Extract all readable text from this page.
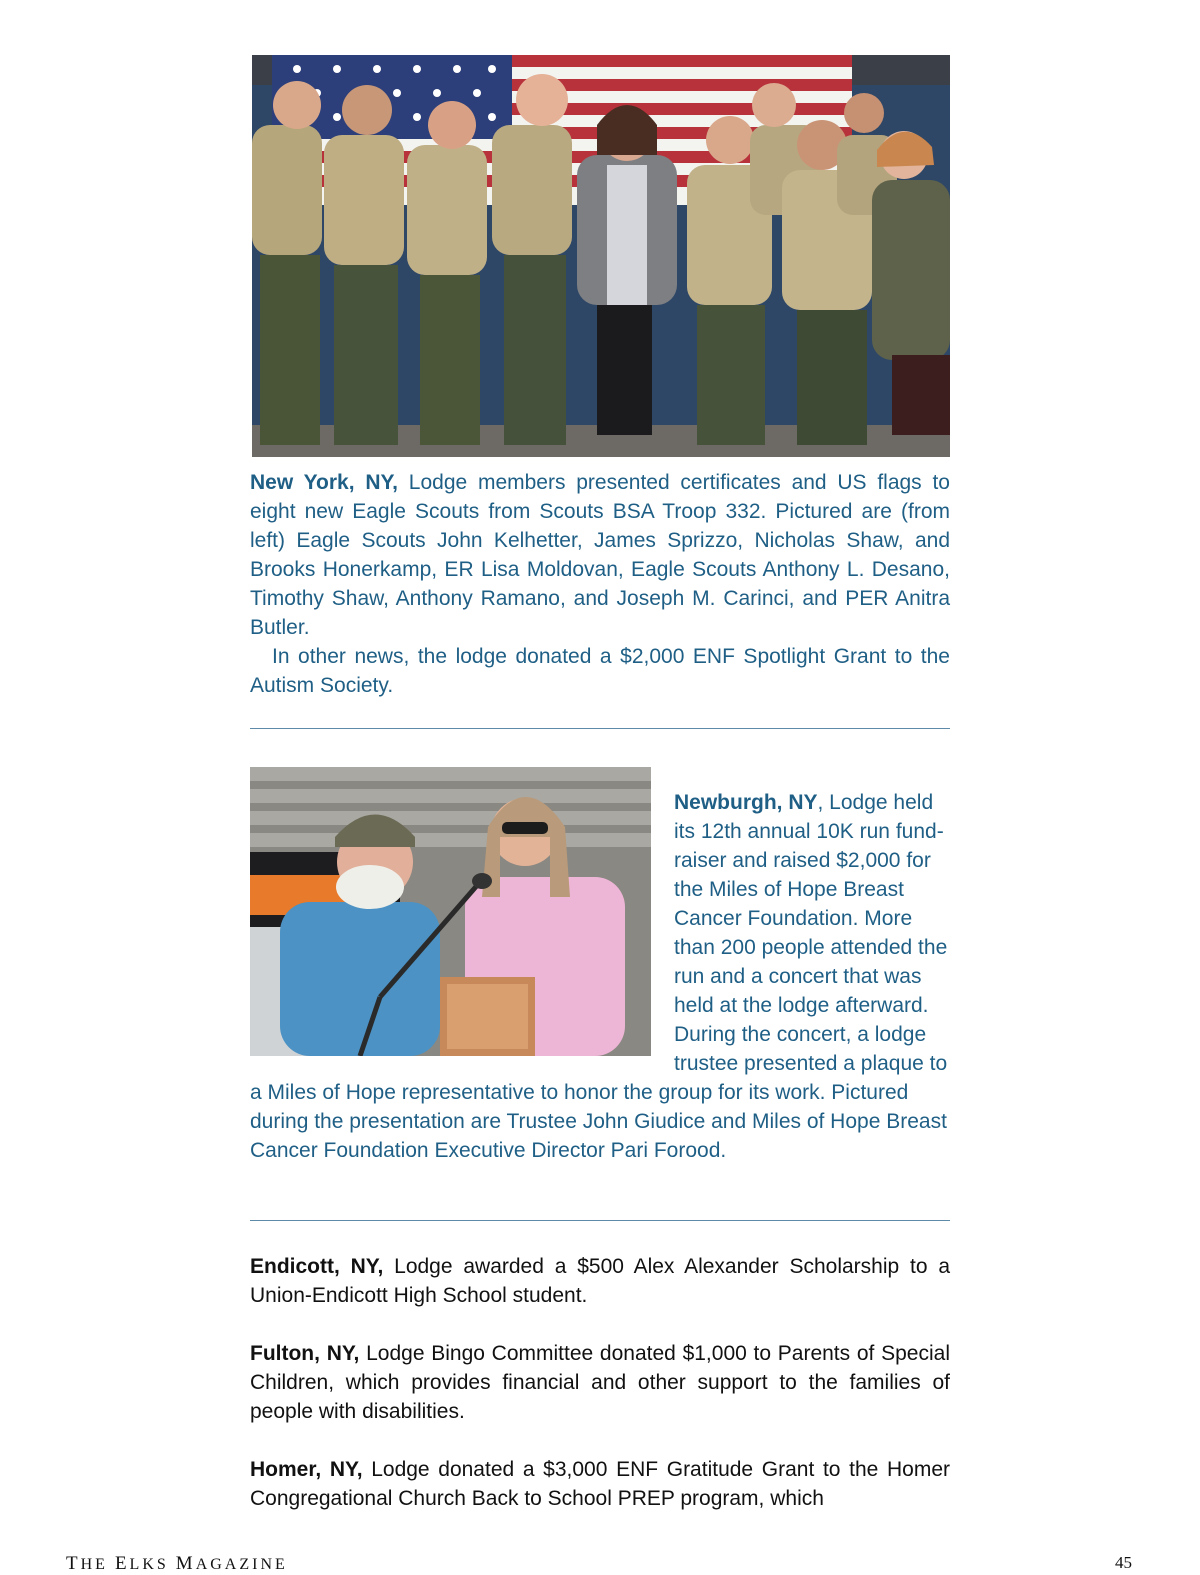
New York, NY, Lodge members presented certificates and US flags to eight new Eagle Scouts from Scouts BSA Troop 332. Pictured are (from left) Eagle Scouts John Kelhetter, James Sprizzo, Nicholas Shaw, and Brooks Honerkamp, ER Lisa Moldovan, Eagle Scouts Anthony L. Desano, Timothy Shaw, Anthony Ramano, and Joseph M. Carinci, and PER Anitra Butler.

In other news, the lodge donated a $2,000 ENF Spotlight Grant to the Autism Society.

Newburgh, NY, Lodge held its 12th annual 10K run fund-raiser and raised $2,000 for the Miles of Hope Breast Cancer Foundation. More than 200 people attended the run and a concert that was held at the lodge afterward. During the concert, a lodge trustee presented a plaque to a Miles of Hope representative to honor the group for its work. Pictured during the presentation are Trustee John Giudice and Miles of Hope Breast Cancer Foundation Executive Director Pari Forood.

Endicott, NY, Lodge awarded a $500 Alex Alexander Scholarship to a Union-Endicott High School student.

Fulton, NY, Lodge Bingo Committee donated $1,000 to Parents of Special Children, which provides financial and other support to the families of people with disabilities.

Homer, NY, Lodge donated a $3,000 ENF Gratitude Grant to the Homer Congregational Church Back to School PREP program, which

THE ELKS MAGAZINE	45
